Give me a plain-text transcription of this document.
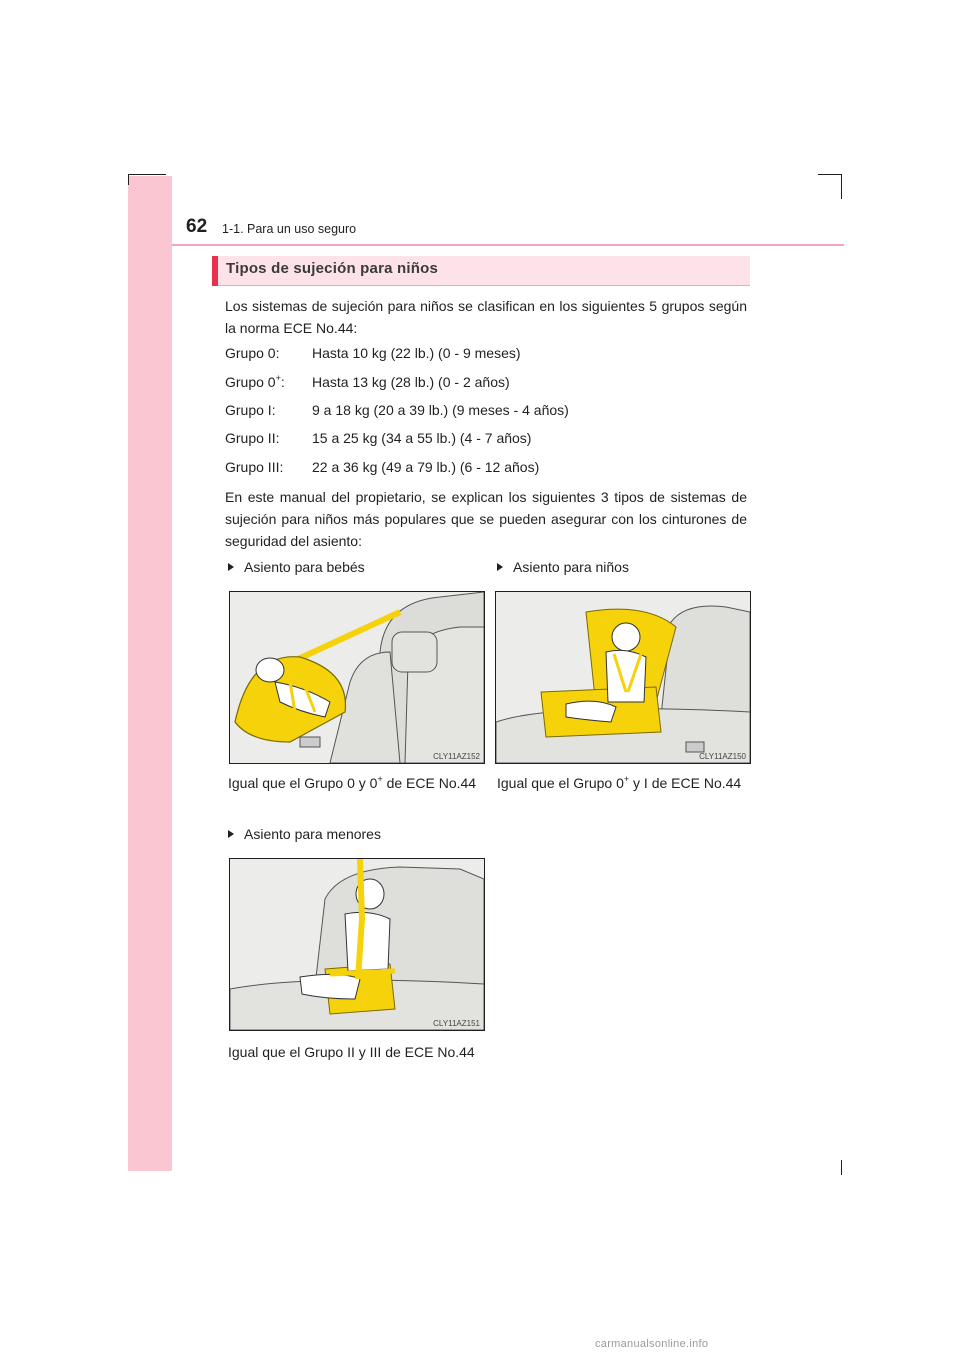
62 1-1. Para un uso seguro
Tipos de sujeción para niños
Los sistemas de sujeción para niños se clasifican en los siguientes 5 grupos según la norma ECE No.44:
Grupo 0:	Hasta 10 kg (22 lb.) (0 - 9 meses)
Grupo 0+:	Hasta 13 kg (28 lb.) (0 - 2 años)
Grupo I:	9 a 18 kg (20 a 39 lb.) (9 meses - 4 años)
Grupo II:	15 a 25 kg (34 a 55 lb.) (4 - 7 años)
Grupo III:	22 a 36 kg (49 a 79 lb.) (6 - 12 años)
En este manual del propietario, se explican los siguientes 3 tipos de sistemas de sujeción para niños más populares que se pueden asegurar con los cinturones de seguridad del asiento:
Asiento para bebés
CLY11AZ152
Igual que el Grupo 0 y 0+ de ECE No.44
Asiento para niños
CLY11AZ150
Igual que el Grupo 0+ y I de ECE No.44
Asiento para menores
CLY11AZ151
Igual que el Grupo II y III de ECE No.44
carmanualsonline.info
